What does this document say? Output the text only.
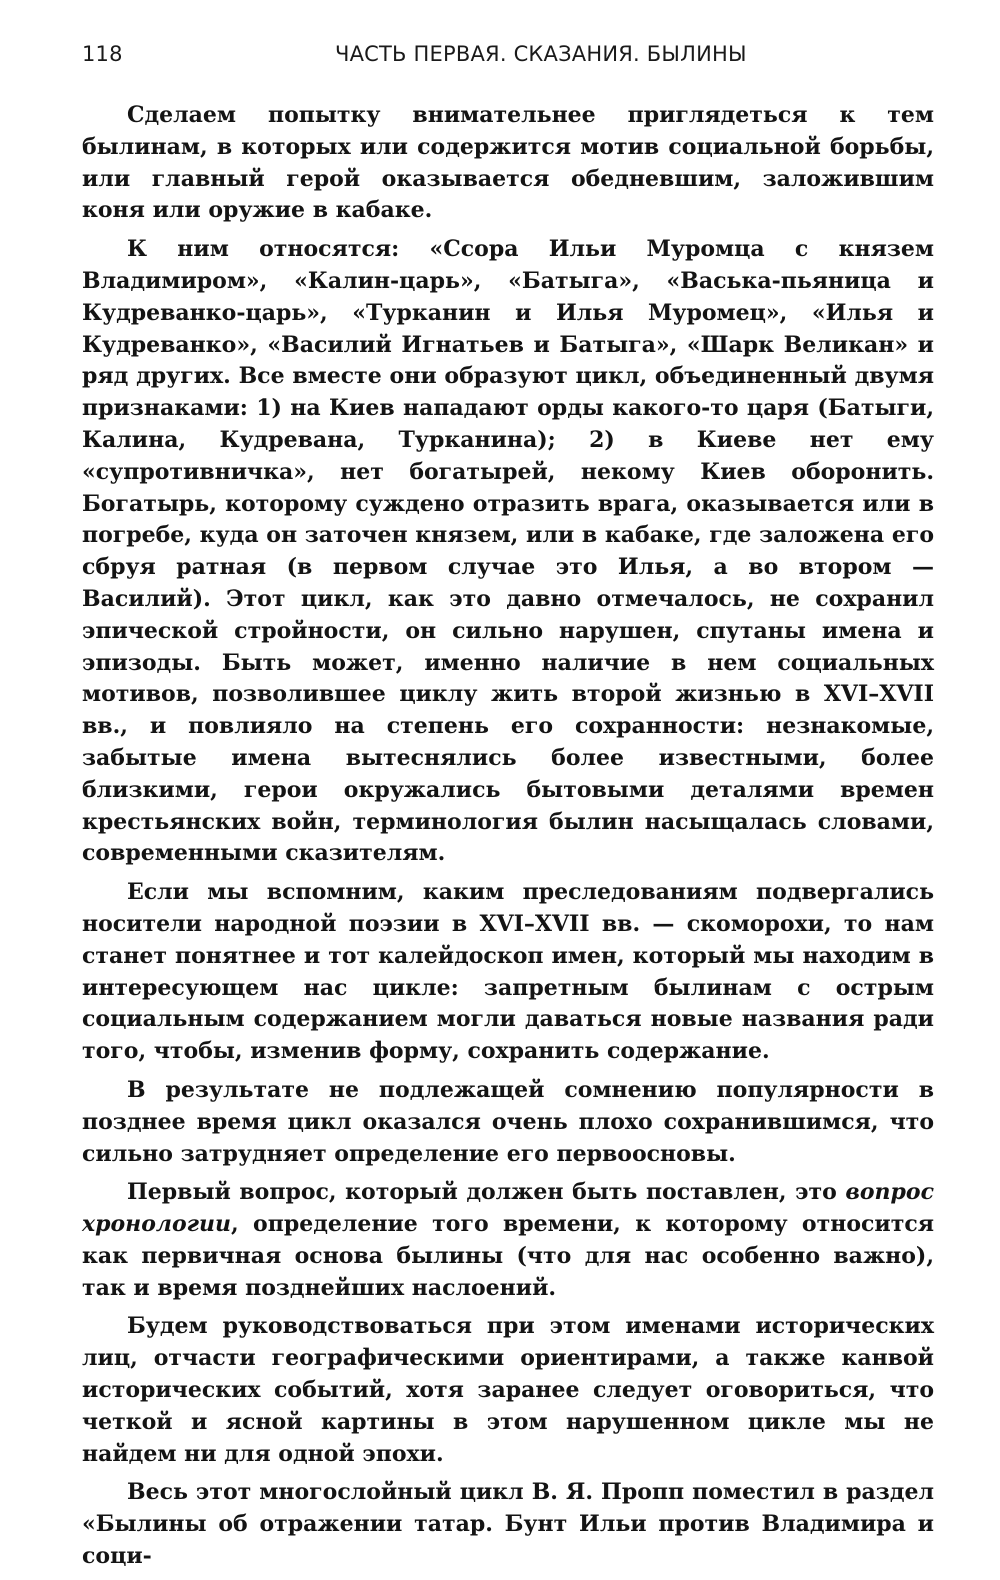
118	ЧАСТЬ ПЕРВАЯ. СКАЗАНИЯ. БЫЛИНЫ

Сделаем попытку внимательнее приглядеться к тем былинам, в которых или содержится мотив социальной борьбы, или главный герой оказывается обедневшим, заложившим коня или оружие в кабаке.

К ним относятся: «Ссора Ильи Муромца с князем Владимиром», «Калин-царь», «Батыга», «Васька-пьяница и Кудреванко-царь», «Турканин и Илья Муромец», «Илья и Кудреванко», «Василий Игнатьев и Батыга», «Шарк Великан» и ряд других. Все вместе они образуют цикл, объединенный двумя признаками: 1) на Киев нападают орды какого-то царя (Батыги, Калина, Кудревана, Турканина); 2) в Киеве нет ему «супротивничка», нет богатырей, некому Киев оборонить. Богатырь, которому суждено отразить врага, оказывается или в погребе, куда он заточен князем, или в кабаке, где заложена его сбруя ратная (в первом случае это Илья, а во втором — Василий). Этот цикл, как это давно отмечалось, не сохранил эпической стройности, он сильно нарушен, спутаны имена и эпизоды. Быть может, именно наличие в нем социальных мотивов, позволившее циклу жить второй жизнью в XVI–XVII вв., и повлияло на степень его сохранности: незнакомые, забытые имена вытеснялись более известными, более близкими, герои окружались бытовыми деталями времен крестьянских войн, терминология былин насыщалась словами, современными сказителям.

Если мы вспомним, каким преследованиям подвергались носители народной поэзии в XVI–XVII вв. — скоморохи, то нам станет понятнее и тот калейдоскоп имен, который мы находим в интересующем нас цикле: запретным былинам с острым социальным содержанием могли даваться новые названия ради того, чтобы, изменив форму, сохранить содержание.

В результате не подлежащей сомнению популярности в позднее время цикл оказался очень плохо сохранившимся, что сильно затрудняет определение его первоосновы.

Первый вопрос, который должен быть поставлен, это вопрос хронологии, определение того времени, к которому относится как первичная основа былины (что для нас особенно важно), так и время позднейших наслоений.

Будем руководствоваться при этом именами исторических лиц, отчасти географическими ориентирами, а также канвой исторических событий, хотя заранее следует оговориться, что четкой и ясной картины в этом нарушенном цикле мы не найдем ни для одной эпохи.

Весь этот многослойный цикл В. Я. Пропп поместил в раздел «Былины об отражении татар. Бунт Ильи против Владимира и соци-
